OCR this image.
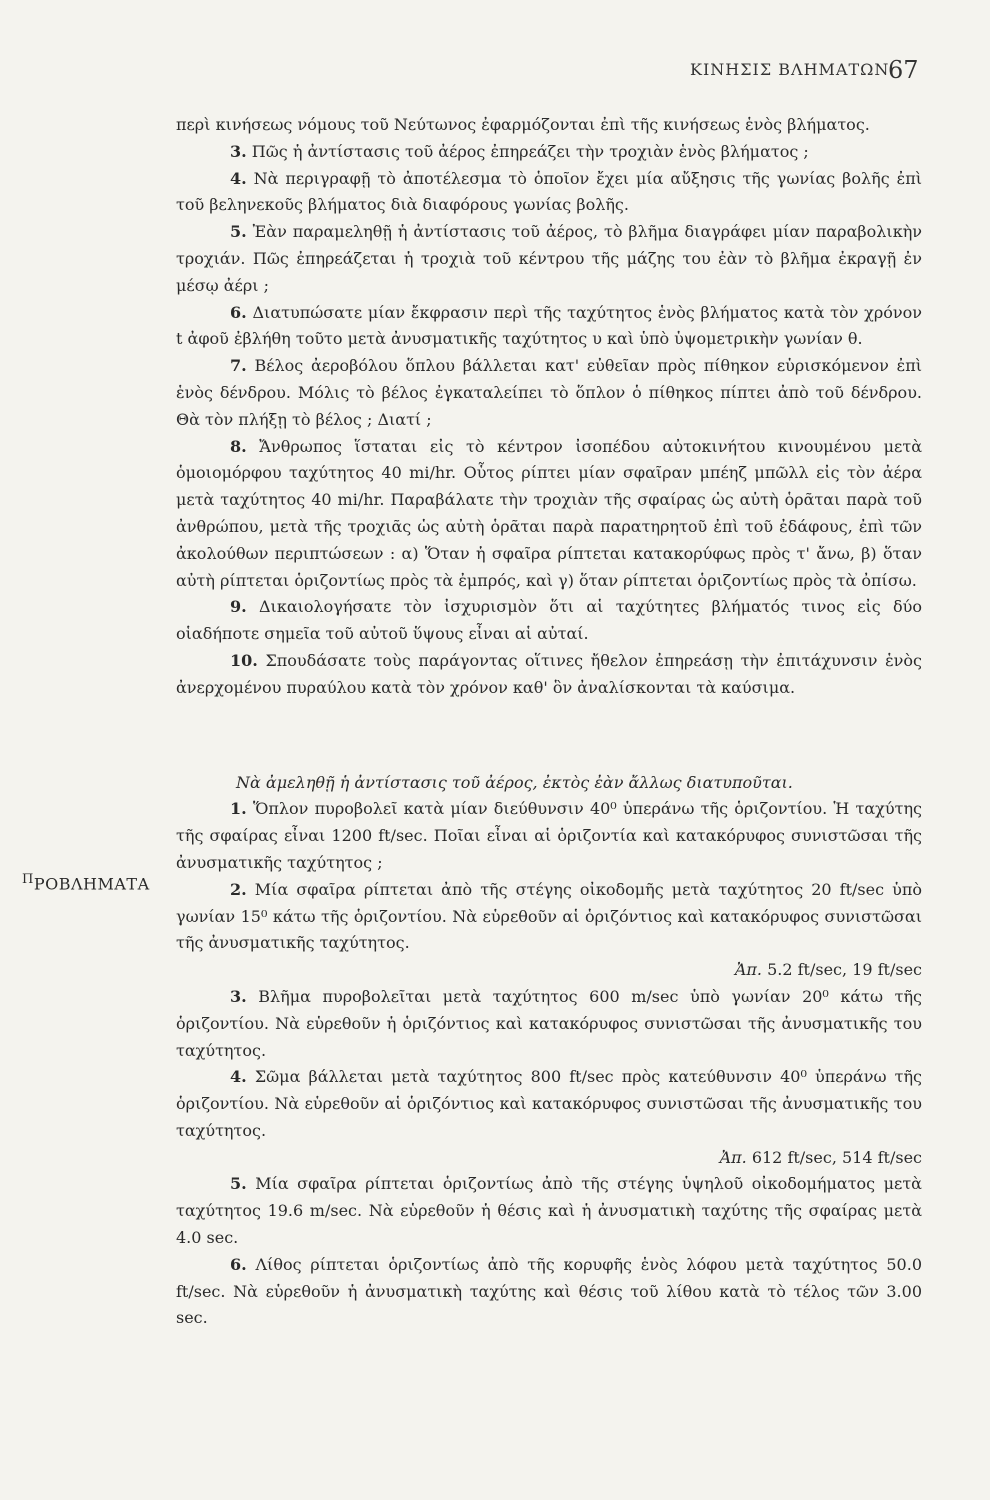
ΚΙΝΗΣΙΣ ΒΛΗΜΑΤΩΝ
67
$^\Pi$ΡΟΒΛΗΜΑΤΑ

περὶ κινήσεως νόμους τοῦ Νεύτωνος ἐφαρμόζονται ἐπὶ τῆς κινήσεως ἑνὸς βλήματος.

3. Πῶς ἡ ἀντίστασις τοῦ ἀέρος ἐπηρεάζει τὴν τροχιὰν ἑνὸς βλήματος ;

4. Νὰ περιγραφῇ τὸ ἀποτέλεσμα τὸ ὁποῖον ἔχει μία αὔξησις τῆς γωνίας βολῆς ἐπὶ τοῦ βεληνεκοῦς βλήματος διὰ διαφόρους γωνίας βολῆς.

5. Ἐὰν παραμεληθῇ ἡ ἀντίστασις τοῦ ἀέρος, τὸ βλῆμα διαγράφει μίαν παραβολικὴν τροχιάν. Πῶς ἐπηρεάζεται ἡ τροχιὰ τοῦ κέντρου τῆς μάζης του ἐὰν τὸ βλῆμα ἐκραγῇ ἐν μέσῳ ἀέρι ;

6. Διατυπώσατε μίαν ἔκφρασιν περὶ τῆς ταχύτητος ἑνὸς βλήματος κατὰ τὸν χρόνον t ἀφοῦ ἐβλήθη τοῦτο μετὰ ἀνυσματικῆς ταχύτητος υ καὶ ὑπὸ ὑψομετρικὴν γωνίαν θ.

7. Βέλος ἀεροβόλου ὅπλου βάλλεται κατ' εὐθεῖαν πρὸς πίθηκον εὑρισκόμενον ἐπὶ ἑνὸς δένδρου. Μόλις τὸ βέλος ἐγκαταλείπει τὸ ὅπλον ὁ πίθηκος πίπτει ἀπὸ τοῦ δένδρου. Θὰ τὸν πλήξῃ τὸ βέλος ; Διατί ;

8. Ἄνθρωπος ἵσταται εἰς τὸ κέντρον ἰσοπέδου αὐτοκινήτου κινουμένου μετὰ ὁμοιομόρφου ταχύτητος 40 mi/hr. Οὗτος ρίπτει μίαν σφαῖραν μπέηζ μπῶλλ εἰς τὸν ἀέρα μετὰ ταχύτητος 40 mi/hr. Παραβάλατε τὴν τροχιὰν τῆς σφαίρας ὡς αὐτὴ ὁρᾶται παρὰ τοῦ ἀνθρώπου, μετὰ τῆς τροχιᾶς ὡς αὐτὴ ὁρᾶται παρὰ παρατηρητοῦ ἐπὶ τοῦ ἐδάφους, ἐπὶ τῶν ἀκολούθων περιπτώσεων : α) Ὅταν ἡ σφαῖρα ρίπτεται κατακορύφως πρὸς τ' ἄνω, β) ὅταν αὐτὴ ρίπτεται ὁριζοντίως πρὸς τὰ ἐμπρός, καὶ γ) ὅταν ρίπτεται ὁριζοντίως πρὸς τὰ ὀπίσω.

9. Δικαιολογήσατε τὸν ἰσχυρισμὸν ὅτι αἱ ταχύτητες βλήματός τινος εἰς δύο οἱαδήποτε σημεῖα τοῦ αὐτοῦ ὕψους εἶναι αἱ αὐταί.

10. Σπουδάσατε τοὺς παράγοντας οἵτινες ἤθελον ἐπηρεάσῃ τὴν ἐπιτάχυνσιν ἑνὸς ἀνερχομένου πυραύλου κατὰ τὸν χρόνον καθ' ὃν ἀναλίσκονται τὰ καύσιμα.

Νὰ ἀμεληθῇ ἡ ἀντίστασις τοῦ ἀέρος, ἐκτὸς ἐὰν ἄλλως διατυποῦται.

1. Ὅπλον πυροβολεῖ κατὰ μίαν διεύθυνσιν 40⁰ ὑπεράνω τῆς ὁριζοντίου. Ἡ ταχύτης τῆς σφαίρας εἶναι 1200 ft/sec. Ποῖαι εἶναι αἱ ὁριζοντία καὶ κατακόρυφος συνιστῶσαι τῆς ἀνυσματικῆς ταχύτητος ;

2. Μία σφαῖρα ρίπτεται ἀπὸ τῆς στέγης οἰκοδομῆς μετὰ ταχύτητος 20 ft/sec ὑπὸ γωνίαν 15⁰ κάτω τῆς ὁριζοντίου. Νὰ εὑρεθοῦν αἱ ὁριζόντιος καὶ κατακόρυφος συνιστῶσαι τῆς ἀνυσματικῆς ταχύτητος.

Ἀπ. 5.2 ft/sec, 19 ft/sec

3. Βλῆμα πυροβολεῖται μετὰ ταχύτητος 600 m/sec ὑπὸ γωνίαν 20⁰ κάτω τῆς ὁριζοντίου. Νὰ εὑρεθοῦν ἡ ὁριζόντιος καὶ κατακόρυφος συνιστῶσαι τῆς ἀνυσματικῆς του ταχύτητος.

4. Σῶμα βάλλεται μετὰ ταχύτητος 800 ft/sec πρὸς κατεύθυνσιν 40⁰ ὑπεράνω τῆς ὁριζοντίου. Νὰ εὑρεθοῦν αἱ ὁριζόντιος καὶ κατακόρυφος συνιστῶσαι τῆς ἀνυσματικῆς του ταχύτητος.

Ἀπ. 612 ft/sec, 514 ft/sec

5. Μία σφαῖρα ρίπτεται ὁριζοντίως ἀπὸ τῆς στέγης ὑψηλοῦ οἰκοδομήματος μετὰ ταχύτητος 19.6 m/sec. Νὰ εὑρεθοῦν ἡ θέσις καὶ ἡ ἀνυσματικὴ ταχύτης τῆς σφαίρας μετὰ 4.0 sec.

6. Λίθος ρίπτεται ὁριζοντίως ἀπὸ τῆς κορυφῆς ἑνὸς λόφου μετὰ ταχύτητος 50.0 ft/sec. Νὰ εὑρεθοῦν ἡ ἀνυσματικὴ ταχύτης καὶ θέσις τοῦ λίθου κατὰ τὸ τέλος τῶν 3.00 sec.
